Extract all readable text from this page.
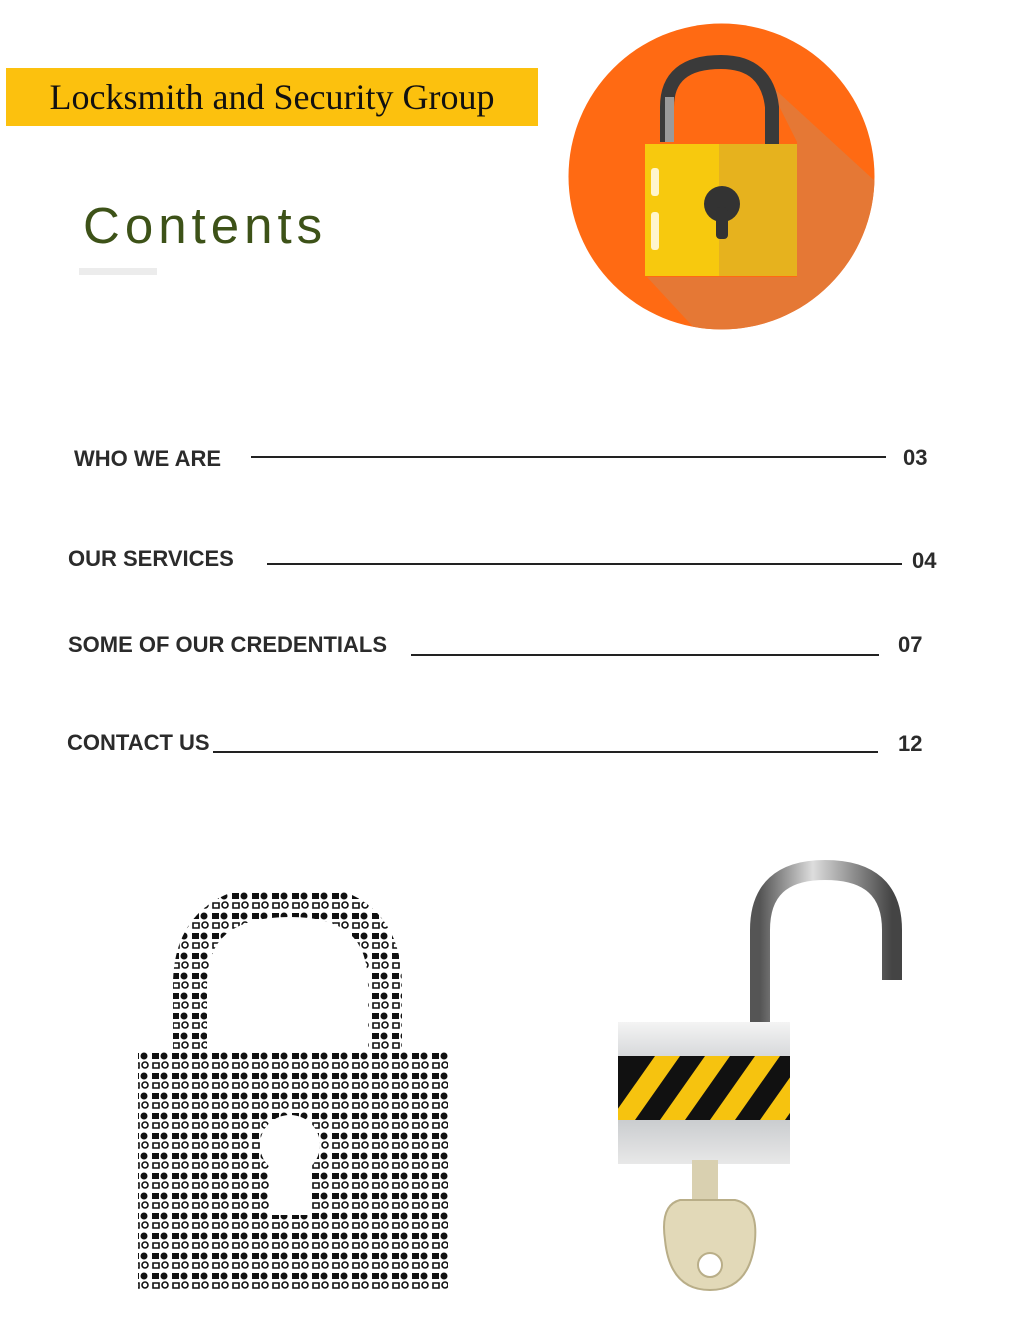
Locksmith and Security Group
Contents
WHO WE ARE	03
OUR SERVICES	04
SOME OF OUR CREDENTIALS	07
CONTACT US	12
